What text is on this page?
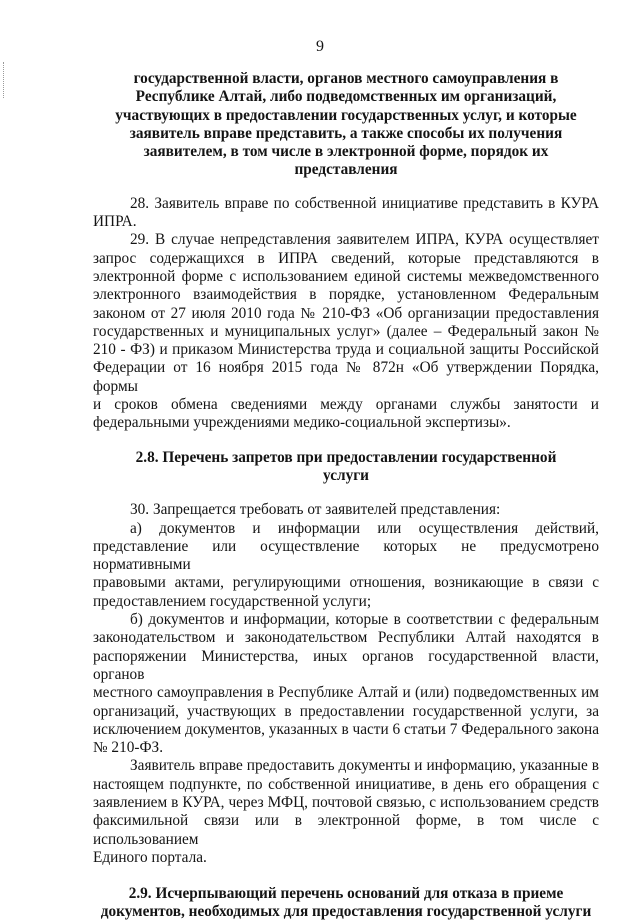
9
государственной власти, органов местного самоуправления в
Республике Алтай, либо подведомственных им организаций,
участвующих в предоставлении государственных услуг, и которые
заявитель вправе представить, а также способы их получения
заявителем, в том числе в электронной форме, порядок их
представления

28. Заявитель вправе по собственной инициативе представить в КУРА
ИПРА.

29. В случае непредставления заявителем ИПРА, КУРА осуществляет
запрос содержащихся в ИПРА сведений, которые представляются в
электронной форме с использованием единой системы межведомственного
электронного взаимодействия в порядке, установленном Федеральным
законом от 27 июля 2010 года № 210-ФЗ «Об организации предоставления
государственных и муниципальных услуг» (далее – Федеральный закон №
210 - ФЗ) и приказом Министерства труда и социальной защиты Российской
Федерации от 16 ноября 2015 года № 872н «Об утверждении Порядка, формы
и сроков обмена сведениями между органами службы занятости и
федеральными учреждениями медико-социальной экспертизы».

2.8. Перечень запретов при предоставлении государственной
услуги

30. Запрещается требовать от заявителей представления:

а) документов и информации или осуществления действий,
представление или осуществление которых не предусмотрено нормативными
правовыми актами, регулирующими отношения, возникающие в связи с
предоставлением государственной услуги;

б) документов и информации, которые в соответствии с федеральным
законодательством и законодательством Республики Алтай находятся в
распоряжении Министерства, иных органов государственной власти, органов
местного самоуправления в Республике Алтай и (или) подведомственных им
организаций, участвующих в предоставлении государственной услуги, за
исключением документов, указанных в части 6 статьи 7 Федерального закона
№ 210-ФЗ.

Заявитель вправе предоставить документы и информацию, указанные в
настоящем подпункте, по собственной инициативе, в день его обращения с
заявлением в КУРА, через МФЦ, почтовой связью, с использованием средств
факсимильной связи или в электронной форме, в том числе с использованием
Единого портала.

2.9. Исчерпывающий перечень оснований для отказа в приеме
документов, необходимых для предоставления государственной услуги
